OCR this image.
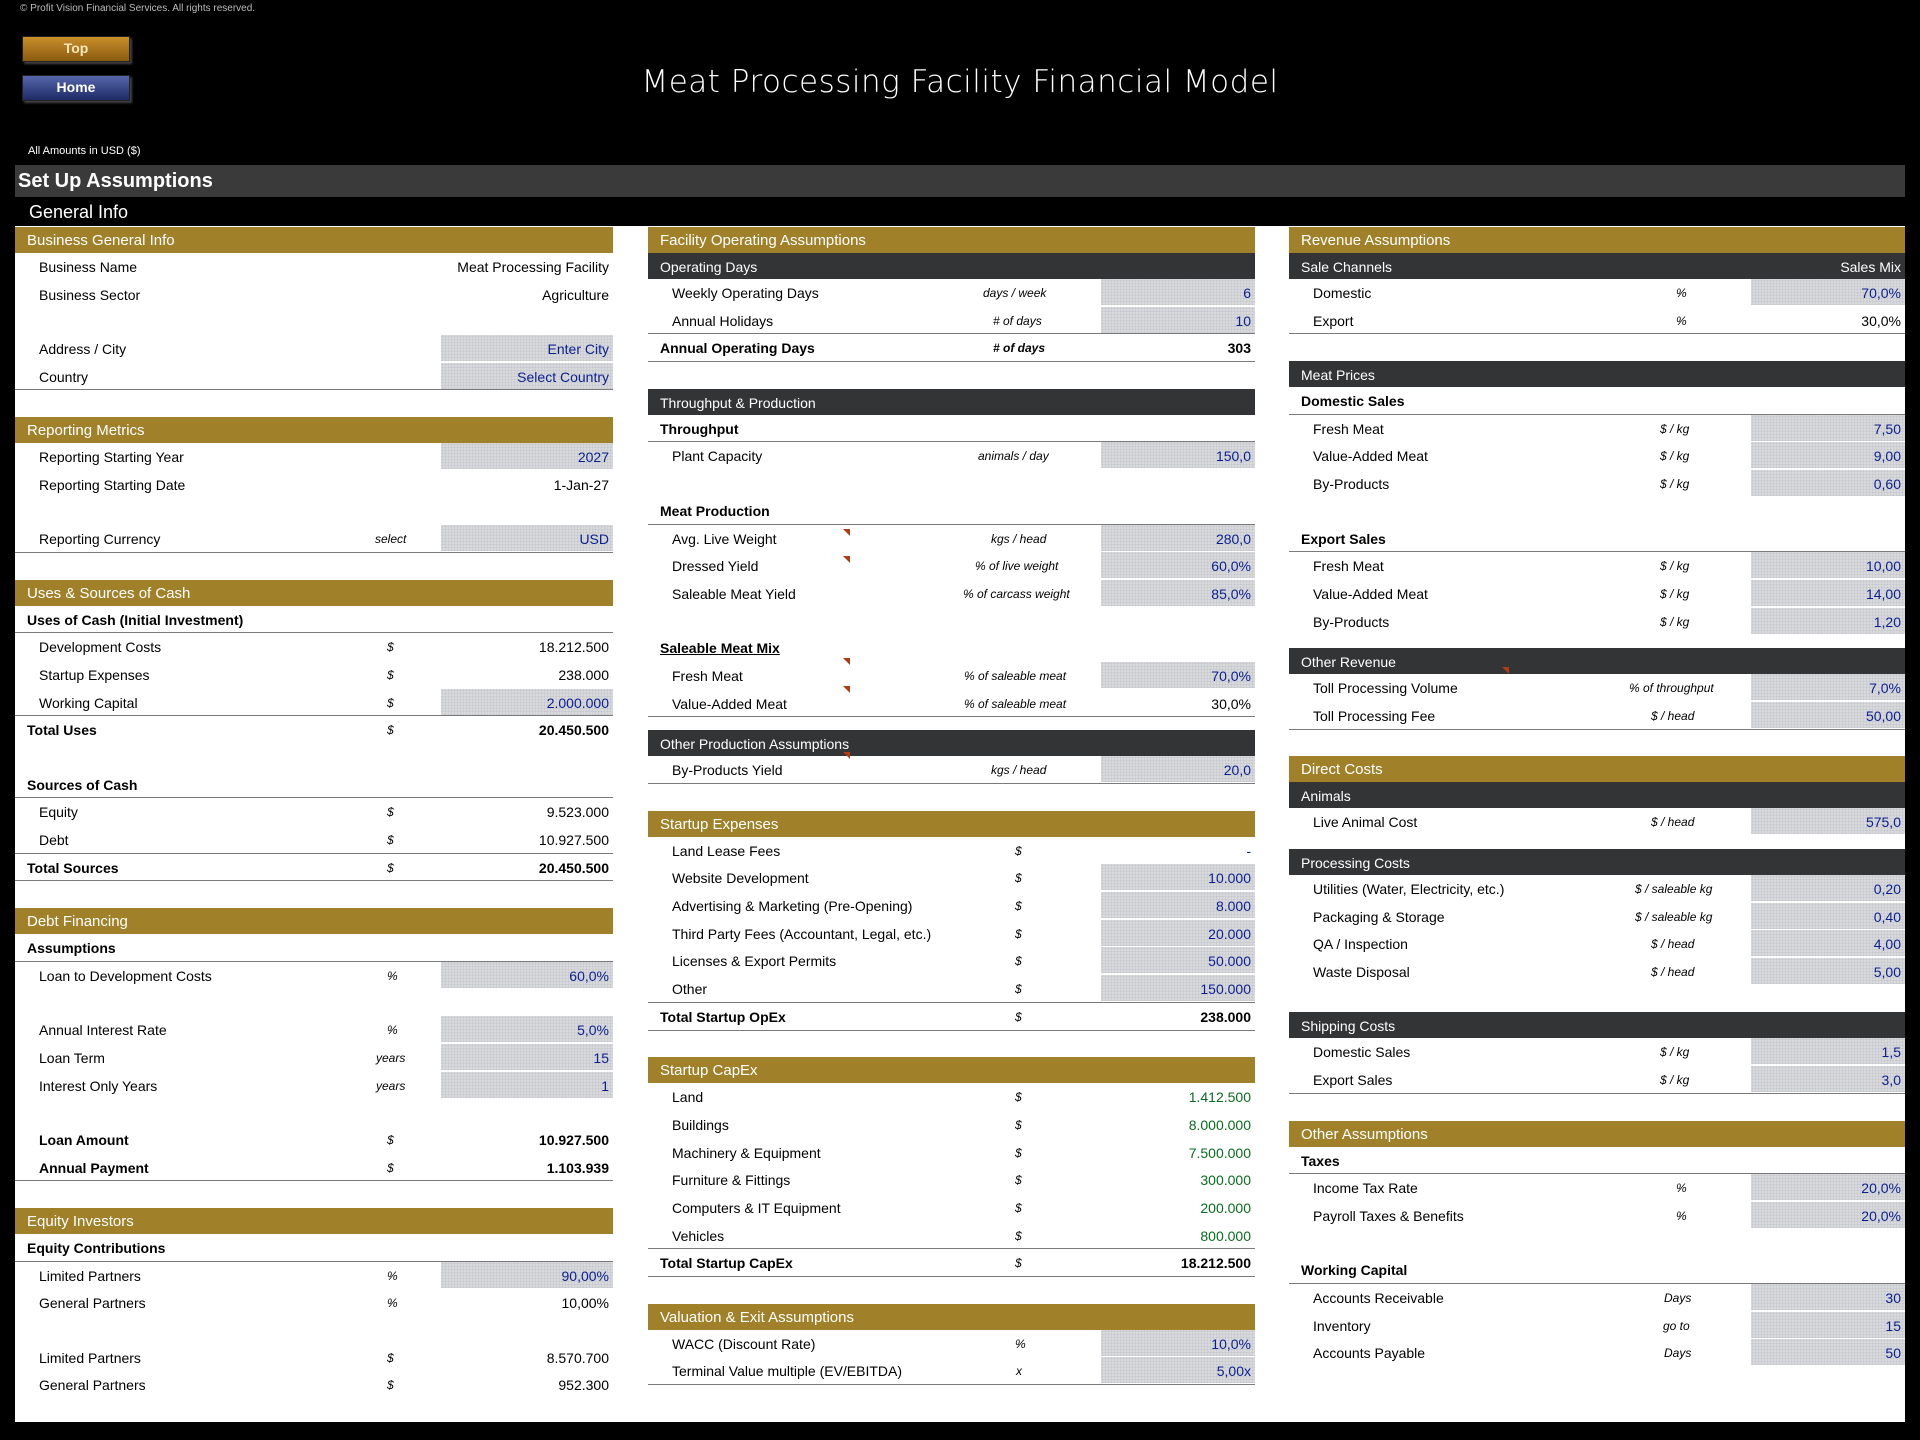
© Profit Vision Financial Services. All rights reserved.
Top
Home	Meat Processing Facility Financial Model
All Amounts in USD ($)
Set Up Assumptions
General Info
Business General Info
Business Name	Meat Processing Facility
Business Sector	Agriculture
Address / City	Enter City
Country	Select Country
Reporting Metrics
Reporting Starting Year	2027
Reporting Starting Date	1-Jan-27
Reporting Currency	select	USD
Uses & Sources of Cash
Uses of Cash (Initial Investment)
Development Costs	$	18.212.500
Startup Expenses	$	238.000
Working Capital	$	2.000.000
Total Uses	$	20.450.500
Sources of Cash
Equity	$	9.523.000
Debt	$	10.927.500
Total Sources	$	20.450.500
Debt Financing
Assumptions
Loan to Development Costs	%	60,0%
Annual Interest Rate	%	5,0%
Loan Term	years	15
Interest Only Years	years	1
Loan Amount	$	10.927.500
Annual Payment	$	1.103.939
Equity Investors
Equity Contributions
Limited Partners	%	90,00%
General Partners	%	10,00%
Limited Partners	$	8.570.700
General Partners	$	952.300
Facility Operating Assumptions
Operating Days
Weekly Operating Days	days / week	6
Annual Holidays	# of days	10
Annual Operating Days	# of days	303
Throughput & Production
Throughput
Plant Capacity	animals / day	150,0
Meat Production
Avg. Live Weight	kgs / head	280,0
Dressed Yield	% of live weight	60,0%
Saleable Meat Yield	% of carcass weight	85,0%
Saleable Meat Mix
Fresh Meat	% of saleable meat	70,0%
Value-Added Meat	% of saleable meat	30,0%
Other Production Assumptions
By-Products Yield	kgs / head	20,0
Startup Expenses
Land Lease Fees	$	-
Website Development	$	10.000
Advertising & Marketing (Pre-Opening)	$	8.000
Third Party Fees (Accountant, Legal, etc.)	$	20.000
Licenses & Export Permits	$	50.000
Other	$	150.000
Total Startup OpEx	$	238.000
Startup CapEx
Land	$	1.412.500
Buildings	$	8.000.000
Machinery & Equipment	$	7.500.000
Furniture & Fittings	$	300.000
Computers & IT Equipment	$	200.000
Vehicles	$	800.000
Total Startup CapEx	$	18.212.500
Valuation & Exit Assumptions
WACC (Discount Rate)	%	10,0%
Terminal Value multiple (EV/EBITDA)	x	5,00x
Revenue Assumptions
Sale Channels	Sales Mix
Domestic	%	70,0%
Export	%	30,0%
Meat Prices
Domestic Sales
Fresh Meat	$ / kg	7,50
Value-Added Meat	$ / kg	9,00
By-Products	$ / kg	0,60
Export Sales
Fresh Meat	$ / kg	10,00
Value-Added Meat	$ / kg	14,00
By-Products	$ / kg	1,20
Other Revenue
Toll Processing Volume	% of throughput	7,0%
Toll Processing Fee	$ / head	50,00
Direct Costs
Animals
Live Animal Cost	$ / head	575,0
Processing Costs
Utilities (Water, Electricity, etc.)	$ / saleable kg	0,20
Packaging & Storage	$ / saleable kg	0,40
QA / Inspection	$ / head	4,00
Waste Disposal	$ / head	5,00
Shipping Costs
Domestic Sales	$ / kg	1,5
Export Sales	$ / kg	3,0
Other Assumptions
Taxes
Income Tax Rate	%	20,0%
Payroll Taxes & Benefits	%	20,0%
Working Capital
Accounts Receivable	Days	30
Inventory	go to	15
Accounts Payable	Days	50
